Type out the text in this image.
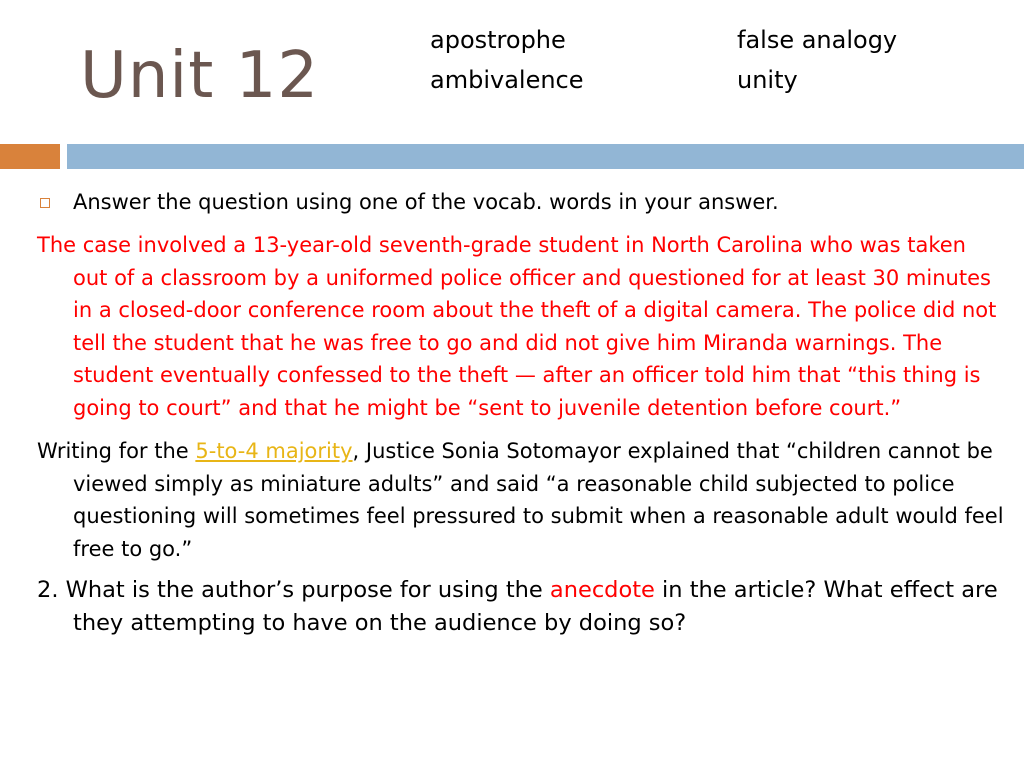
Unit 12	apostrophe
ambivalence
false analogy
unity
Answer the question using one of the vocab. words in your answer.
The case involved a 13-year-old seventh-grade student in North Carolina who was taken out of a classroom by a uniformed police officer and questioned for at least 30 minutes in a closed-door conference room about the theft of a digital camera. The police did not tell the student that he was free to go and did not give him Miranda warnings. The student eventually confessed to the theft — after an officer told him that “this thing is going to court” and that he might be “sent to juvenile detention before court.”
Writing for the 5-to-4 majority, Justice Sonia Sotomayor explained that “children cannot be viewed simply as miniature adults” and said “a reasonable child subjected to police questioning will sometimes feel pressured to submit when a reasonable adult would feel free to go.”
2. What is the author’s purpose for using the anecdote in the article? What effect are they attempting to have on the audience by doing so?
